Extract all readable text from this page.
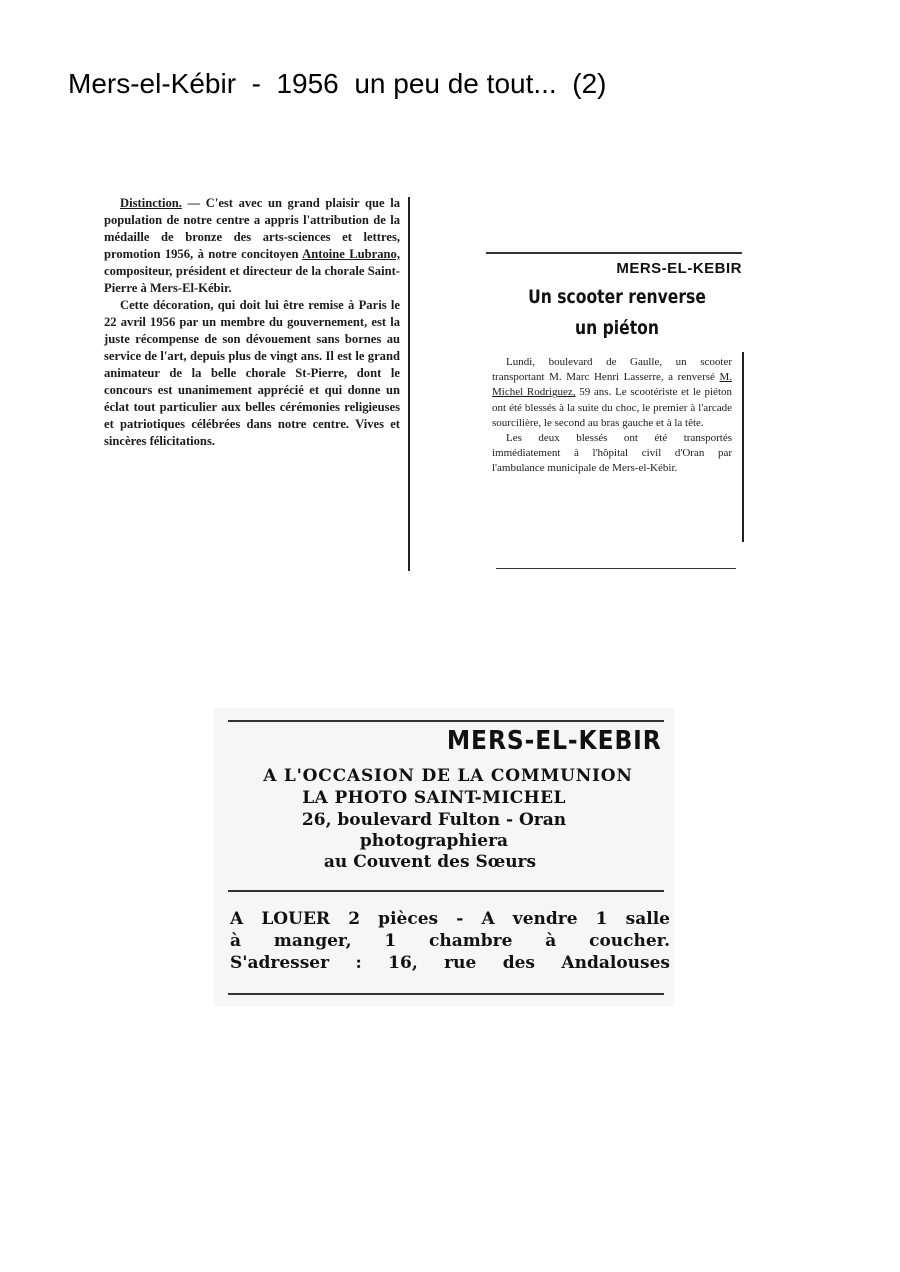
Mers-el-Kébir  -  1956  un peu de tout...  (2)

Distinction. — C'est avec un grand plaisir que la population de notre centre a appris l'attribution de la médaille de bronze des arts-sciences et lettres, promotion 1956, à notre concitoyen Antoine Lubrano, compositeur, président et directeur de la chorale Saint-Pierre à Mers-El-Kébir.

Cette décoration, qui doit lui être remise à Paris le 22 avril 1956 par un membre du gouvernement, est la juste récompense de son dévouement sans bornes au service de l'art, depuis plus de vingt ans. Il est le grand animateur de la belle chorale St-Pierre, dont le concours est unanimement apprécié et qui donne un éclat tout particulier aux belles cérémonies religieuses et patriotiques célébrées dans notre centre. Vives et sincères félicitations.

MERS-EL-KEBIR
Un scooter renverse
un piéton

Lundi, boulevard de Gaulle, un scooter transportant M. Marc Henri Lasserre, a renversé M. Michel Rodriguez, 59 ans. Le scootériste et le piéton ont été blessés à la suite du choc, le premier à l'arcade sourcilière, le second au bras gauche et à la tête.

Les deux blessés ont été transportés immédiatement à l'hôpital civil d'Oran par l'ambulance municipale de Mers-el-Kébir.

MERS-EL-KEBIR
A L'OCCASION DE LA COMMUNION
LA PHOTO SAINT-MICHEL
26, boulevard Fulton - Oran
photographiera
au Couvent des Sœurs
A LOUER 2 pièces - A vendre 1 salle
à manger, 1 chambre à coucher.
S'adresser : 16, rue des Andalouses
